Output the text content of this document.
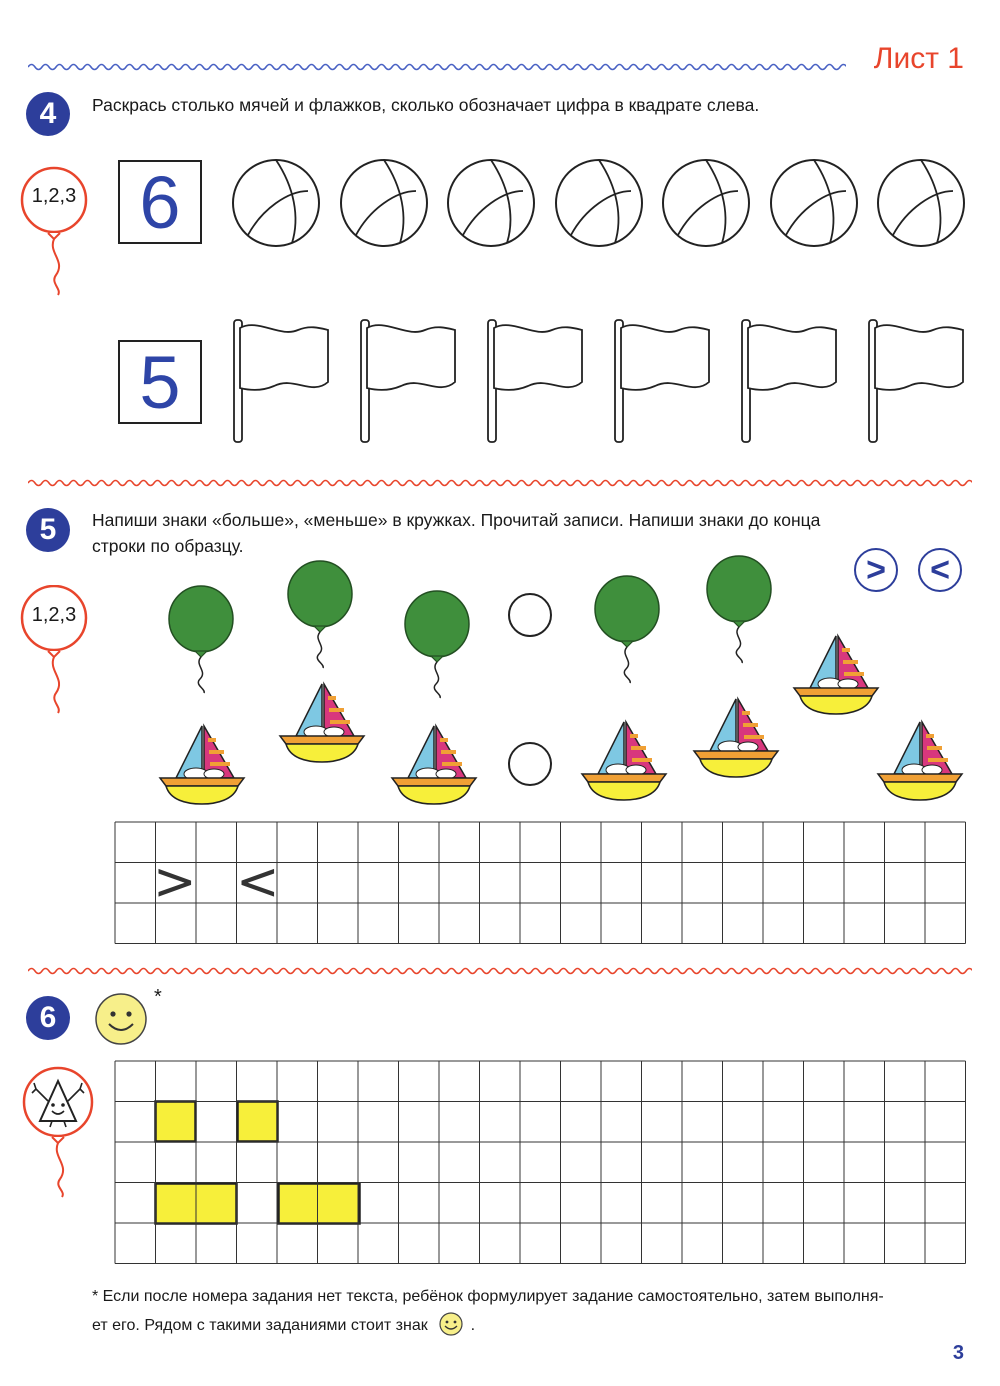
Лист 1
4	Раскрась столько мячей и флажков, сколько обозначает цифра в квадрате слева.
1,2,3 6
5
5	Напиши знаки «больше», «меньше» в кружках. Прочитай записи. Напиши знаки до конца
строки по образцу.
1,2,3
> <
> <
6
*
* Если после номера задания нет текста, ребёнок формулирует задание самостоятельно, затем выполня-
ет его. Рядом с такими заданиями стоит знак	.
3
